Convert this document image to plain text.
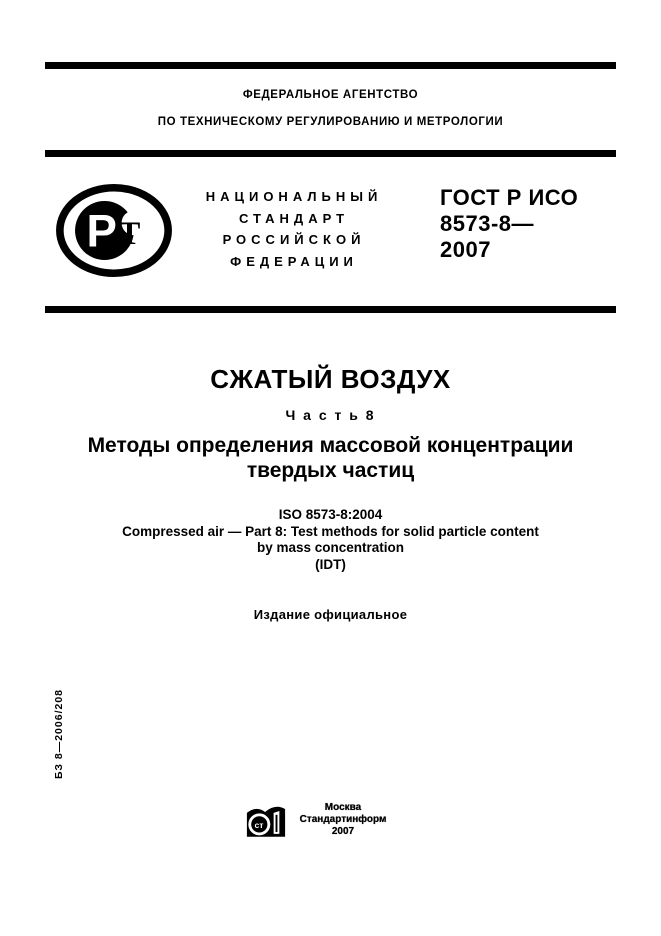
ФЕДЕРАЛЬНОЕ АГЕНТСТВО
ПО ТЕХНИЧЕСКОМУ РЕГУЛИРОВАНИЮ И МЕТРОЛОГИИ
Р Т
НАЦИОНАЛЬНЫЙ
СТАНДАРТ
РОССИЙСКОЙ
ФЕДЕРАЦИИ
ГОСТ Р ИСО
8573-8—
2007
СЖАТЫЙ ВОЗДУХ
Ч а с т ь 8
Методы определения массовой концентрации
твердых частиц
ISO 8573-8:2004
Compressed air — Part 8: Test methods for solid particle content
by mass concentration
(IDT)
Издание официальное
БЗ 8—2006/208
ст
Москва
Стандартинформ
2007
